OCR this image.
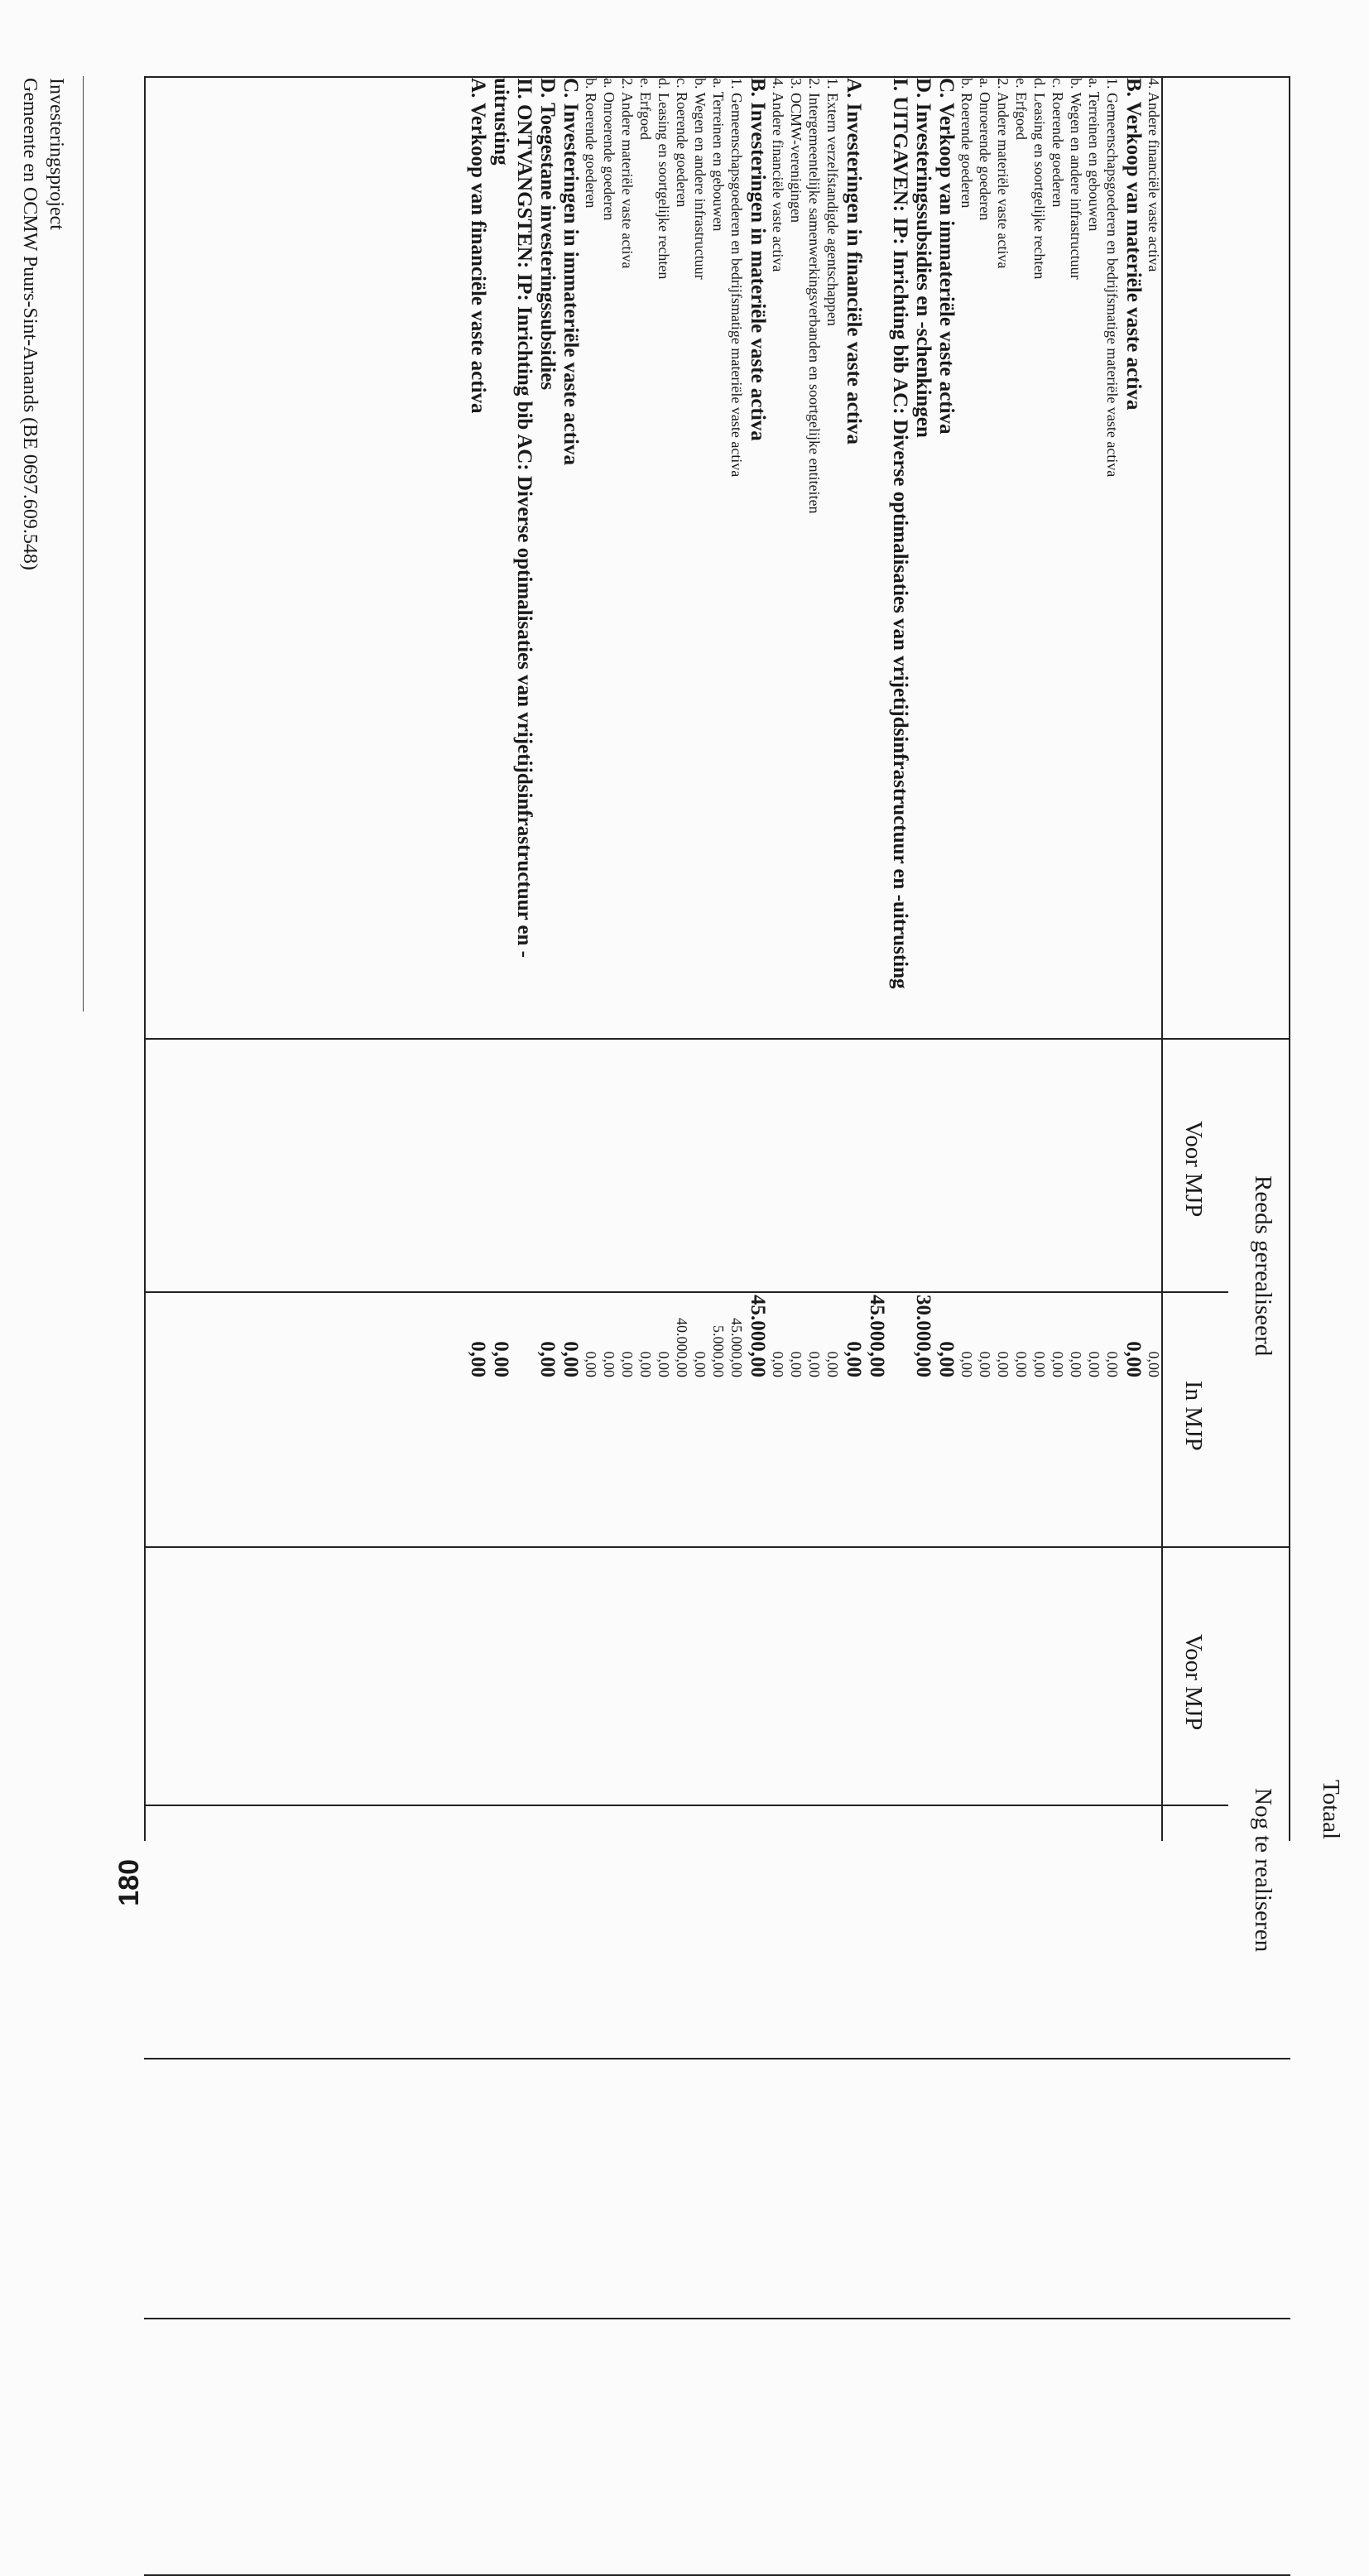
Reeds gerealiseerd
Nog te realiseren Totaal
Voor MJP
In MJP
Voor MJP
4. Andere financiële vaste activa
0,00
B. Verkoop van materiële vaste activa
0,00
1. Gemeenschapsgoederen en bedrijfsmatige materiële vaste activa
0,00
a. Terreinen en gebouwen
0,00
b. Wegen en andere infrastructuur
0,00
c. Roerende goederen
0,00
d. Leasing en soortgelijke rechten
0,00
e. Erfgoed
0,00
2. Andere materiële vaste activa
0,00
a. Onroerende goederen
0,00
b. Roerende goederen
0,00
C. Verkoop van immateriële vaste activa
0,00
D. Investeringssubsidies en -schenkingen
30.000,00
I. UITGAVEN: IP: Inrichting bib AC: Diverse optimalisaties van vrijetijdsinfrastructuur en -uitrusting
45.000,00
A. Investeringen in financiële vaste activa
0,00
1. Extern verzelfstandigde agentschappen
0,00
2. Intergemeentelijke samenwerkingsverbanden en soortgelijke entiteiten
0,00
3. OCMW-verenigingen
0,00
4. Andere financiële vaste activa
0,00
B. Investeringen in materiële vaste activa
45.000,00
1. Gemeenschapsgoederen en bedrijfsmatige materiële vaste activa
45.000,00
a. Terreinen en gebouwen
5.000,00
b. Wegen en andere infrastructuur
0,00
c. Roerende goederen
40.000,00
d. Leasing en soortgelijke rechten
0,00
e. Erfgoed
0,00
2. Andere materiële vaste activa
0,00
a. Onroerende goederen
0,00
b. Roerende goederen
0,00
C. Investeringen in immateriële vaste activa
0,00
D. Toegestane investeringssubsidies
0,00
II. ONTVANGSTEN: IP: Inrichting bib AC: Diverse optimalisaties van vrijetijdsinfrastructuur en -uitrusting
0,00
A. Verkoop van financiële vaste activa
0,00
Investeringsproject
Gemeente en OCMW Puurs-Sint-Amands (BE 0697.609.548)
180
